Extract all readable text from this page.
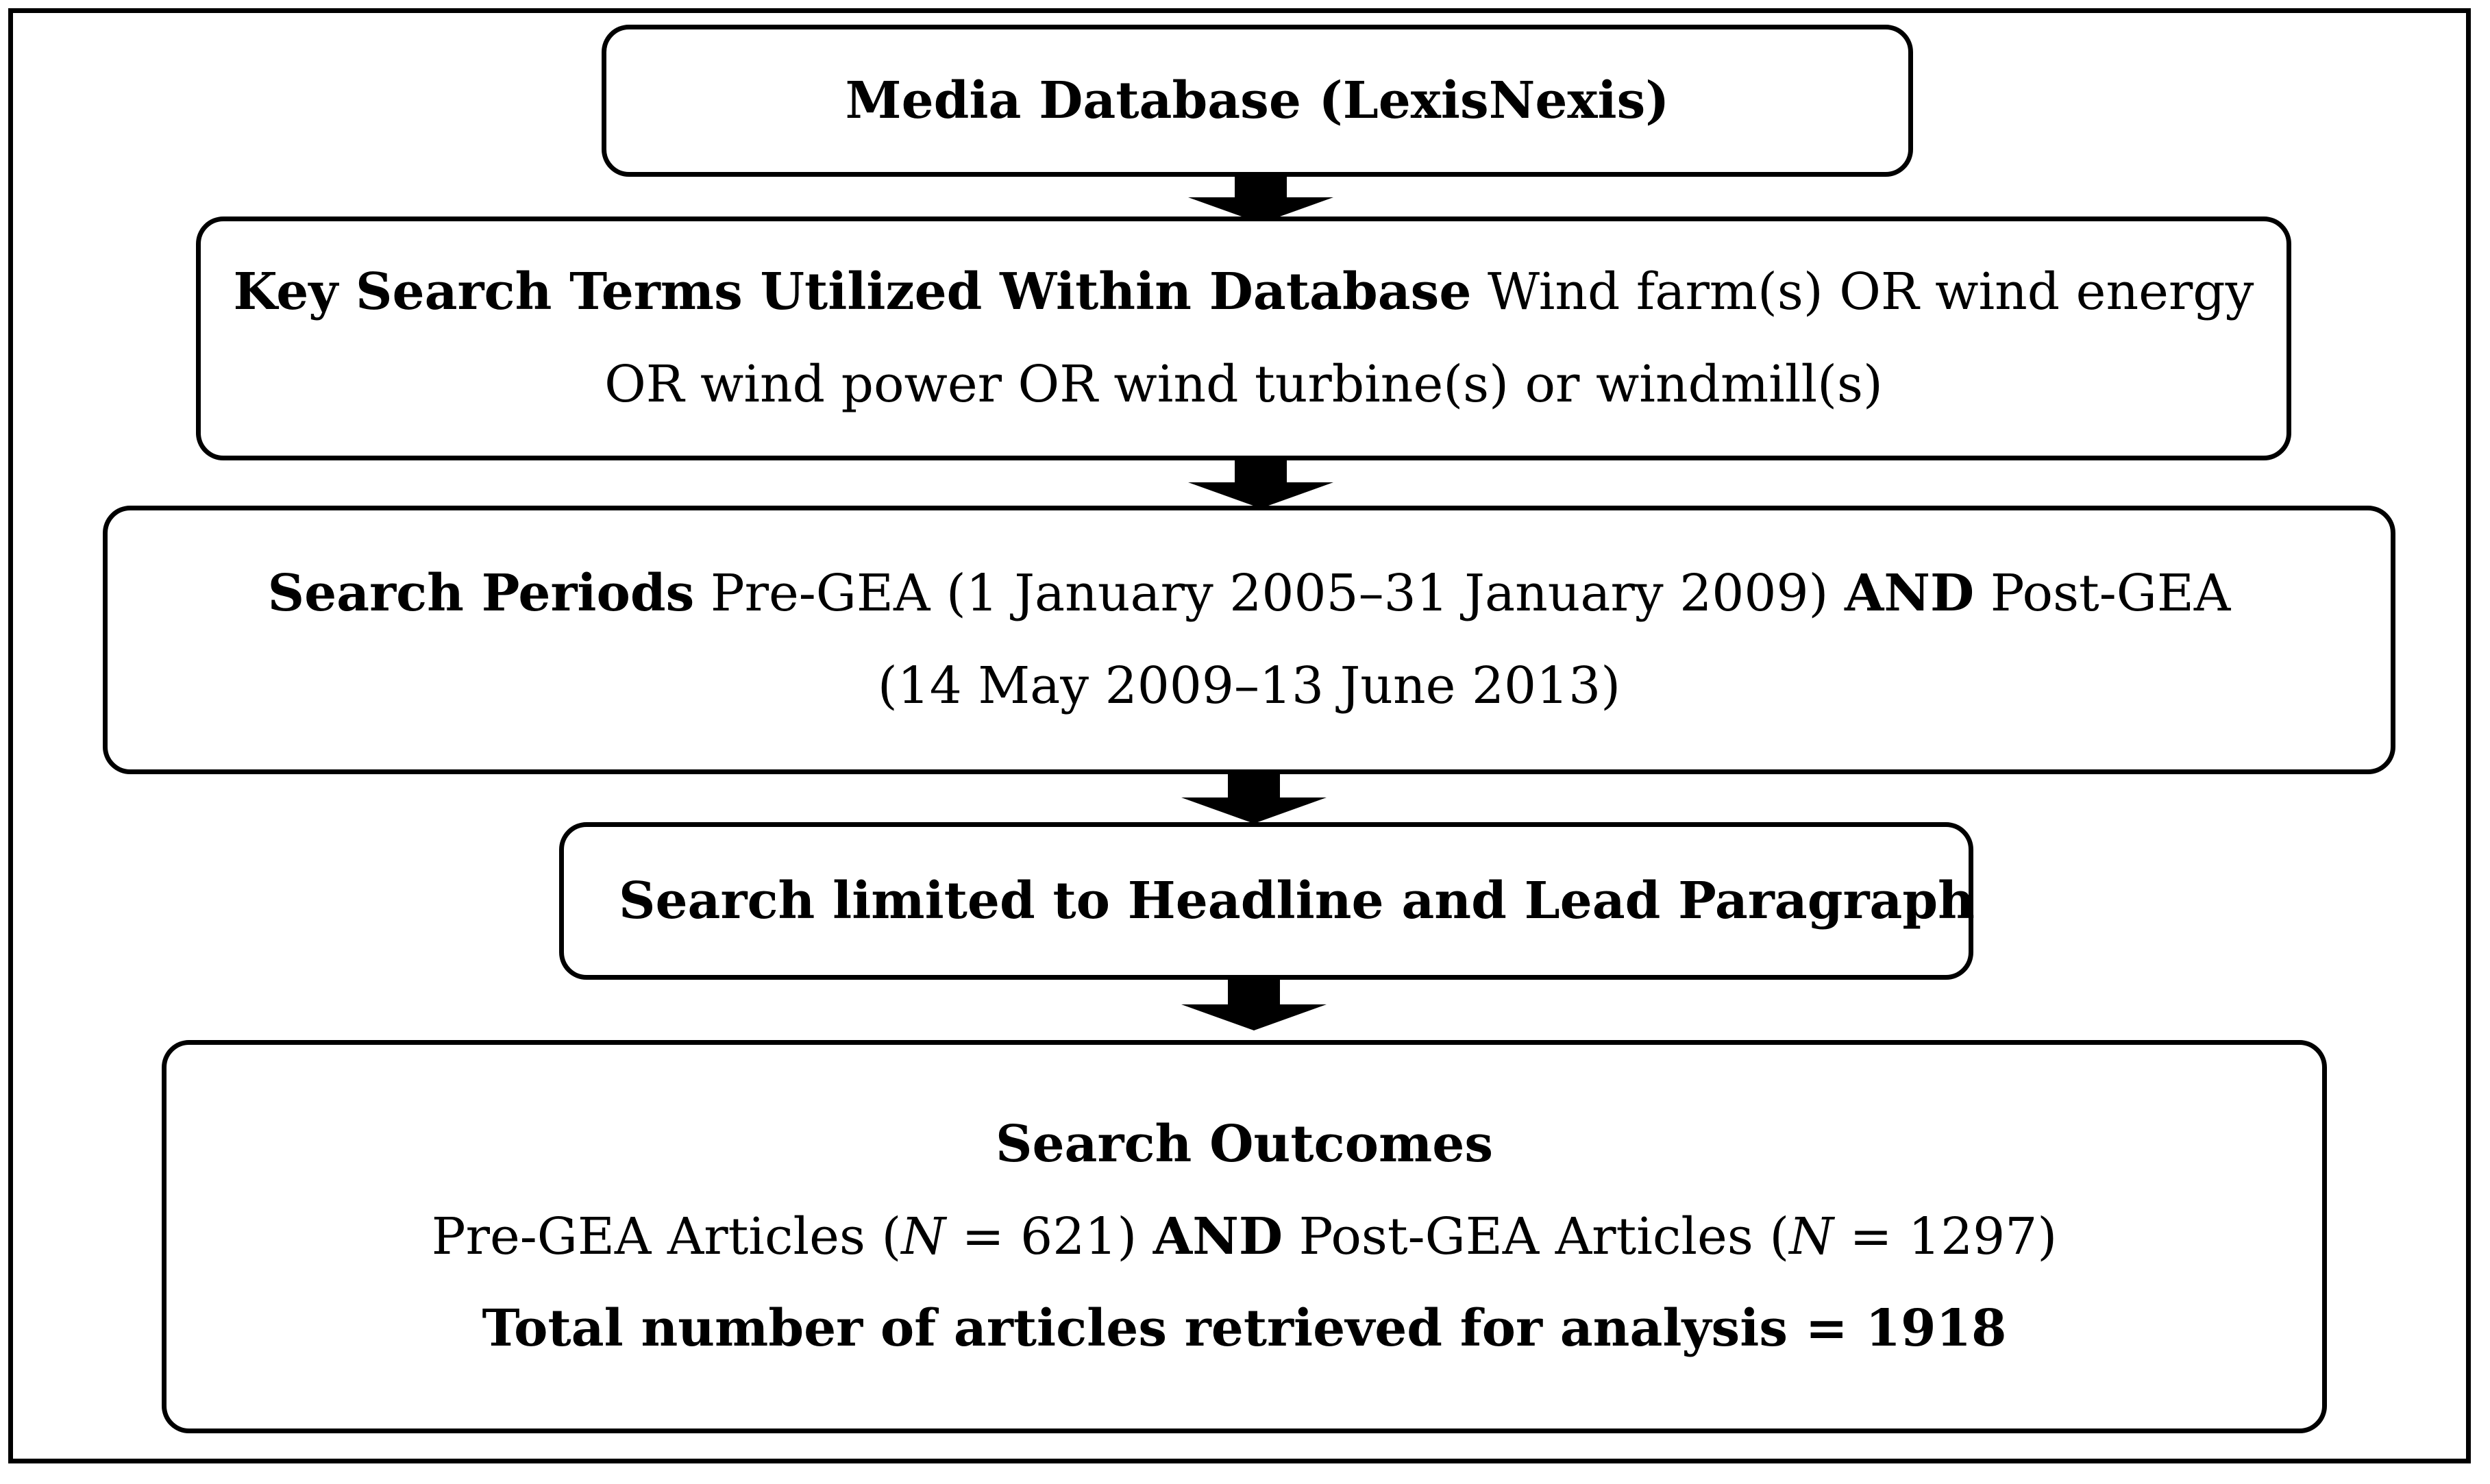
Media Database (LexisNexis)
Key Search Terms Utilized Within Database Wind farm(s) OR wind energy
OR wind power OR wind turbine(s) or windmill(s)
Search Periods Pre-GEA (1 January 2005–31 January 2009) AND Post-GEA
(14 May 2009–13 June 2013)
Search limited to Headline and Lead Paragraph
Search Outcomes
Pre-GEA Articles (N = 621) AND Post-GEA Articles (N = 1297)
Total number of articles retrieved for analysis = 1918
